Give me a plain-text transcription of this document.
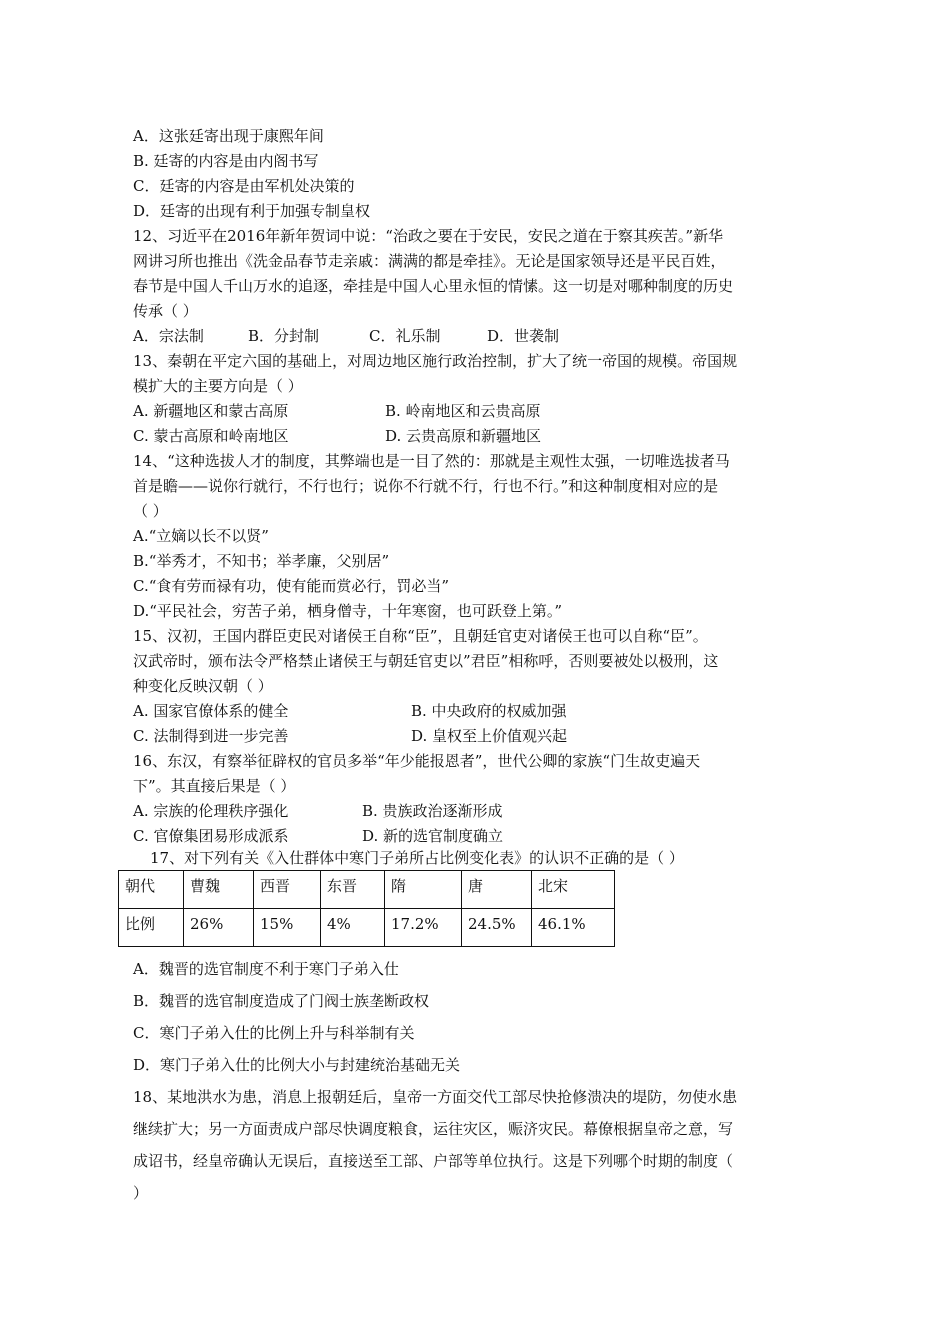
A．这张廷寄出现于康熙年间
B. 廷寄的内容是由内阁书写
C．廷寄的内容是由军机处决策的
D．廷寄的出现有利于加强专制皇权
12、习近平在2016年新年贺词中说：“治政之要在于安民，安民之道在于察其疾苦。”新华
网讲习所也推出《洗金品春节走亲戚：满满的都是牵挂》。无论是国家领导还是平民百姓，
春节是中国人千山万水的追逐，牵挂是中国人心里永恒的情愫。这一切是对哪种制度的历史
传承（ ）
A．宗法制	B．分封制	C．礼乐制	D．世袭制
13、秦朝在平定六国的基础上，对周边地区施行政治控制，扩大了统一帝国的规模。帝国规
模扩大的主要方向是（ ）
A. 新疆地区和蒙古高原	B. 岭南地区和云贵高原
C. 蒙古高原和岭南地区	D. 云贵高原和新疆地区
14、“这种选拔人才的制度，其弊端也是一目了然的：那就是主观性太强，一切唯选拔者马
首是瞻——说你行就行，不行也行；说你不行就不行，行也不行。”和这种制度相对应的是
（ ）
A.“立嫡以长不以贤”
B.“举秀才，不知书；举孝廉，父别居”
C.“食有劳而禄有功，使有能而赏必行，罚必当”
D.“平民社会，穷苦子弟，栖身僧寺，十年寒窗，也可跃登上第。”
15、汉初，王国内群臣吏民对诸侯王自称“臣”，且朝廷官吏对诸侯王也可以自称“臣”。
汉武帝时，颁布法令严格禁止诸侯王与朝廷官吏以”君臣”相称呼，否则要被处以极刑，这
种变化反映汉朝（ ）
A. 国家官僚体系的健全	B. 中央政府的权威加强
C. 法制得到进一步完善	D. 皇权至上价值观兴起
16、东汉，有察举征辟权的官员多举“年少能报恩者”，世代公卿的家族“门生故吏遍天
下”。其直接后果是（ ）
A. 宗族的伦理秩序强化	B. 贵族政治逐渐形成
C. 官僚集团易形成派系	D. 新的选官制度确立
17、对下列有关《入仕群体中寒门子弟所占比例变化表》的认识不正确的是（ ）
朝代	曹魏	西晋	东晋	隋	唐	北宋
比例	26%	15%	4%	17.2%	24.5%	46.1%
A．魏晋的选官制度不利于寒门子弟入仕
B．魏晋的选官制度造成了门阀士族垄断政权
C．寒门子弟入仕的比例上升与科举制有关
D．寒门子弟入仕的比例大小与封建统治基础无关
18、某地洪水为患，消息上报朝廷后，皇帝一方面交代工部尽快抢修溃决的堤防，勿使水患
继续扩大；另一方面责成户部尽快调度粮食，运往灾区，赈济灾民。幕僚根据皇帝之意，写
成诏书，经皇帝确认无误后，直接送至工部、户部等单位执行。这是下列哪个时期的制度（
）
